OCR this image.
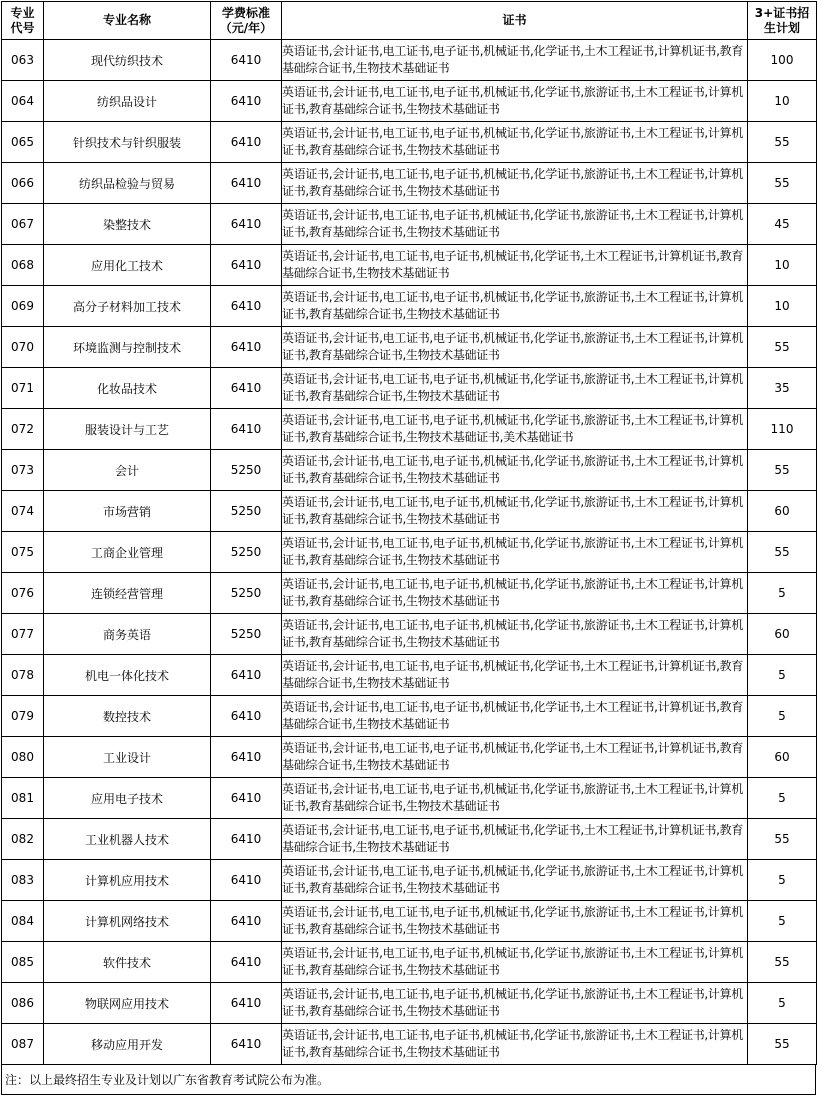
专业代号	专业名称	学费标准（元/年）	证书	3+证书招生计划
063	现代纺织技术	6410	英语证书,会计证书,电工证书,电子证书,机械证书,化学证书,土木工程证书,计算机证书,教育基础综合证书,生物技术基础证书	100
064	纺织品设计	6410	英语证书,会计证书,电工证书,电子证书,机械证书,化学证书,旅游证书,土木工程证书,计算机证书,教育基础综合证书,生物技术基础证书	10
065	针织技术与针织服装	6410	英语证书,会计证书,电工证书,电子证书,机械证书,化学证书,旅游证书,土木工程证书,计算机证书,教育基础综合证书,生物技术基础证书	55
066	纺织品检验与贸易	6410	英语证书,会计证书,电工证书,电子证书,机械证书,化学证书,旅游证书,土木工程证书,计算机证书,教育基础综合证书,生物技术基础证书	55
067	染整技术	6410	英语证书,会计证书,电工证书,电子证书,机械证书,化学证书,旅游证书,土木工程证书,计算机证书,教育基础综合证书,生物技术基础证书	45
068	应用化工技术	6410	英语证书,会计证书,电工证书,电子证书,机械证书,化学证书,土木工程证书,计算机证书,教育基础综合证书,生物技术基础证书	10
069	高分子材料加工技术	6410	英语证书,会计证书,电工证书,电子证书,机械证书,化学证书,旅游证书,土木工程证书,计算机证书,教育基础综合证书,生物技术基础证书	10
070	环境监测与控制技术	6410	英语证书,会计证书,电工证书,电子证书,机械证书,化学证书,旅游证书,土木工程证书,计算机证书,教育基础综合证书,生物技术基础证书	55
071	化妆品技术	6410	英语证书,会计证书,电工证书,电子证书,机械证书,化学证书,旅游证书,土木工程证书,计算机证书,教育基础综合证书,生物技术基础证书	35
072	服装设计与工艺	6410	英语证书,会计证书,电工证书,电子证书,机械证书,化学证书,旅游证书,土木工程证书,计算机证书,教育基础综合证书,生物技术基础证书,美术基础证书	110
073	会计	5250	英语证书,会计证书,电工证书,电子证书,机械证书,化学证书,旅游证书,土木工程证书,计算机证书,教育基础综合证书,生物技术基础证书	55
074	市场营销	5250	英语证书,会计证书,电工证书,电子证书,机械证书,化学证书,旅游证书,土木工程证书,计算机证书,教育基础综合证书,生物技术基础证书	60
075	工商企业管理	5250	英语证书,会计证书,电工证书,电子证书,机械证书,化学证书,旅游证书,土木工程证书,计算机证书,教育基础综合证书,生物技术基础证书	55
076	连锁经营管理	5250	英语证书,会计证书,电工证书,电子证书,机械证书,化学证书,旅游证书,土木工程证书,计算机证书,教育基础综合证书,生物技术基础证书	5
077	商务英语	5250	英语证书,会计证书,电工证书,电子证书,机械证书,化学证书,旅游证书,土木工程证书,计算机证书,教育基础综合证书,生物技术基础证书	60
078	机电一体化技术	6410	英语证书,会计证书,电工证书,电子证书,机械证书,化学证书,土木工程证书,计算机证书,教育基础综合证书,生物技术基础证书	5
079	数控技术	6410	英语证书,会计证书,电工证书,电子证书,机械证书,化学证书,土木工程证书,计算机证书,教育基础综合证书,生物技术基础证书	5
080	工业设计	6410	英语证书,会计证书,电工证书,电子证书,机械证书,化学证书,土木工程证书,计算机证书,教育基础综合证书,生物技术基础证书	60
081	应用电子技术	6410	英语证书,会计证书,电工证书,电子证书,机械证书,化学证书,旅游证书,土木工程证书,计算机证书,教育基础综合证书,生物技术基础证书	5
082	工业机器人技术	6410	英语证书,会计证书,电工证书,电子证书,机械证书,化学证书,土木工程证书,计算机证书,教育基础综合证书,生物技术基础证书	55
083	计算机应用技术	6410	英语证书,会计证书,电工证书,电子证书,机械证书,化学证书,旅游证书,土木工程证书,计算机证书,教育基础综合证书,生物技术基础证书	5
084	计算机网络技术	6410	英语证书,会计证书,电工证书,电子证书,机械证书,化学证书,旅游证书,土木工程证书,计算机证书,教育基础综合证书,生物技术基础证书	5
085	软件技术	6410	英语证书,会计证书,电工证书,电子证书,机械证书,化学证书,旅游证书,土木工程证书,计算机证书,教育基础综合证书,生物技术基础证书	55
086	物联网应用技术	6410	英语证书,会计证书,电工证书,电子证书,机械证书,化学证书,旅游证书,土木工程证书,计算机证书,教育基础综合证书,生物技术基础证书	5
087	移动应用开发	6410	英语证书,会计证书,电工证书,电子证书,机械证书,化学证书,旅游证书,土木工程证书,计算机证书,教育基础综合证书,生物技术基础证书	55
注：以上最终招生专业及计划以广东省教育考试院公布为准。
